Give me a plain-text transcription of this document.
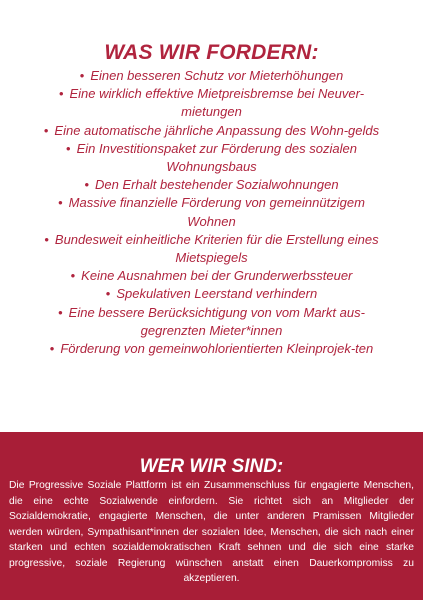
WAS WIR FORDERN:
• Einen besseren Schutz vor Mieterhöhungen
• Eine wirklich effektive Mietpreisbremse bei Neuver-mietungen
• Eine automatische jährliche Anpassung des Wohn-gelds
• Ein Investitionspaket zur Förderung des sozialen Wohnungsbaus
• Den Erhalt bestehender Sozialwohnungen
• Massive finanzielle Förderung von gemeinnützigem Wohnen
• Bundesweit einheitliche Kriterien für die Erstellung eines Mietspiegels
• Keine Ausnahmen bei der Grunderwerbssteuer
• Spekulativen Leerstand verhindern
• Eine bessere Berücksichtigung von vom Markt aus-gegrenzten Mieter*innen
• Förderung von gemeinwohlorientierten Kleinprojek-ten
WER WIR SIND:

Die Progressive Soziale Plattform ist ein Zusammenschluss für engagierte Menschen, die eine echte Sozialwende einfordern. Sie richtet sich an Mitglieder der Sozialdemokratie, engagierte Menschen, die unter anderen Pramissen Mitglieder werden würden, Sympathisant*innen der sozialen Idee, Menschen, die sich nach einer starken und echten sozialdemokratischen Kraft sehnen und die sich eine starke progressive, soziale Regierung wünschen anstatt einen Dauerkompromiss zu akzeptieren.
